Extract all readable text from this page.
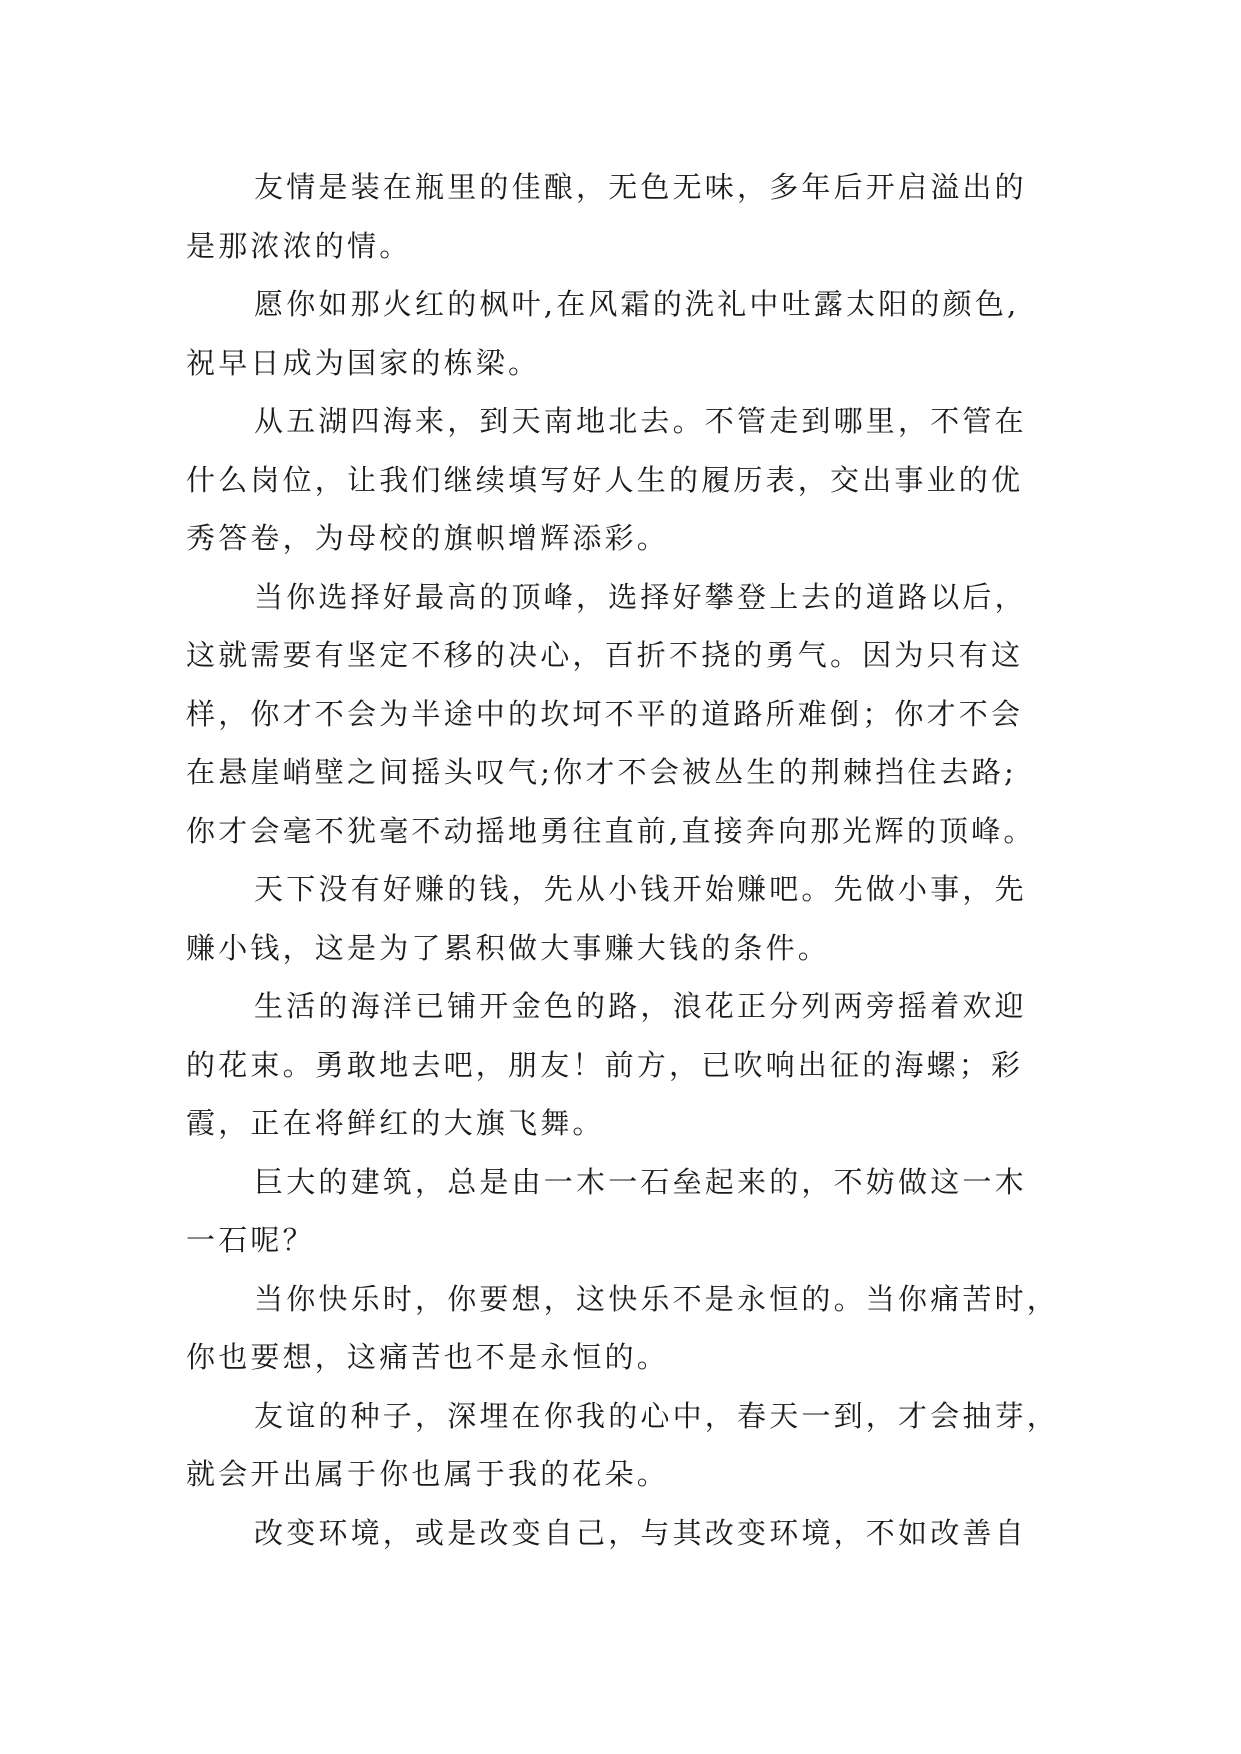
友情是装在瓶里的佳酿，无色无味，多年后开启溢出的
是那浓浓的情。

愿你如那火红的枫叶,在风霜的洗礼中吐露太阳的颜色,
祝早日成为国家的栋梁。

从五湖四海来，到天南地北去。不管走到哪里，不管在
什么岗位，让我们继续填写好人生的履历表，交出事业的优
秀答卷，为母校的旗帜增辉添彩。

当你选择好最高的顶峰，选择好攀登上去的道路以后，
这就需要有坚定不移的决心，百折不挠的勇气。因为只有这
样，你才不会为半途中的坎坷不平的道路所难倒；你才不会
在悬崖峭壁之间摇头叹气;你才不会被丛生的荆棘挡住去路;
你才会毫不犹毫不动摇地勇往直前,直接奔向那光辉的顶峰。

天下没有好赚的钱，先从小钱开始赚吧。先做小事，先
赚小钱，这是为了累积做大事赚大钱的条件。

生活的海洋已铺开金色的路，浪花正分列两旁摇着欢迎
的花束。勇敢地去吧，朋友！前方，已吹响出征的海螺；彩
霞，正在将鲜红的大旗飞舞。

巨大的建筑，总是由一木一石垒起来的，不妨做这一木
一石呢？

当你快乐时，你要想，这快乐不是永恒的。当你痛苦时，
你也要想，这痛苦也不是永恒的。

友谊的种子，深埋在你我的心中，春天一到，才会抽芽，
就会开出属于你也属于我的花朵。

改变环境，或是改变自己，与其改变环境，不如改善自
